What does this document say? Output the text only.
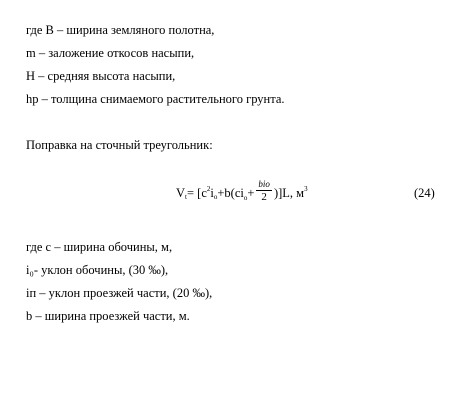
где B – ширина земляного полотна,
m – заложение откосов насыпи,
H – средняя высота насыпи,
hр – толщина снимаемого растительного грунта.
Поправка на сточный треугольник:
$Vt= [c2io+b(cio+ \frac{\text{bio}}{2} )]L$, м3	(24)
где c – ширина обочины, м,
i₀- уклон обочины, (30 ‰),
iп – уклон проезжей части, (20 ‰),
b – ширина проезжей части, м.
